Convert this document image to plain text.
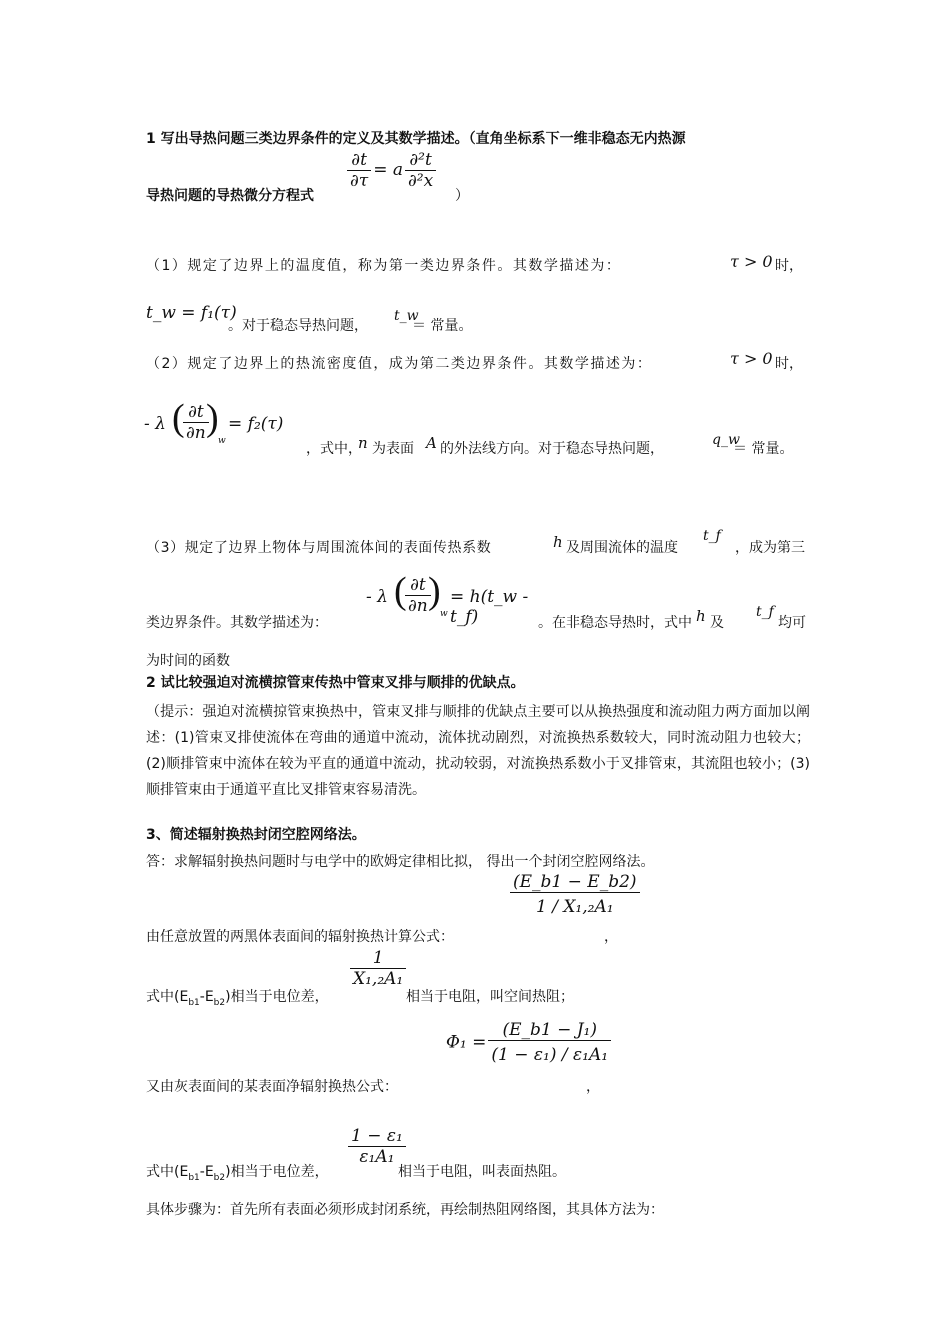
1 写出导热问题三类边界条件的定义及其数学描述。（直角坐标系下一维非稳态无内热源
$\frac{\partial t}{\partial\tau} = a \frac{\text{∂²t}}{\text{∂²x}}$
导热问题的导热微分方程式	）
（1）规定了边界上的温度值，称为第一类边界条件。其数学描述为：	τ > 0 时，
t_w = f₁(τ)
。对于稳态导热问题，
t_w
＝ 常量。
（2）规定了边界上的热流密度值，成为第二类边界条件。其数学描述为：	τ > 0 时，
- λ (
$\frac{\partial t}{\partial n}$
)
w
= f₂(τ)
，式中，
n 为表面 A 的外法线方向。对于稳态导热问题，
q_w
＝ 常量。
（3）规定了边界上物体与周围流体间的表面传热系数	h 及周围流体的温度
t_f
，成为第三
- λ (
$\frac{\partial t}{\partial n}$
)
w
= h(t_w - t_f)
类边界条件。其数学描述为：	。在非稳态导热时，式中 h 及
t_f
均可
为时间的函数
2 试比较强迫对流横掠管束传热中管束叉排与顺排的优缺点。
（提示：强迫对流横掠管束换热中，管束叉排与顺排的优缺点主要可以从换热强度和流动阻力两方面加以阐述：(1)管束叉排使流体在弯曲的通道中流动，流体扰动剧烈，对流换热系数较大，同时流动阻力也较大；(2)顺排管束中流体在较为平直的通道中流动，扰动较弱，对流换热系数小于叉排管束，其流阻也较小；(3)顺排管束由于通道平直比叉排管束容易清洗。
3、简述辐射换热封闭空腔网络法。
答：求解辐射换热问题时与电学中的欧姆定律相比拟， 得出一个封闭空腔网络法。
$\frac{(E\_b1 - E\_b2)}{\text{1 / X₁,₂A₁}}$
由任意放置的两黑体表面间的辐射换热计算公式：	，
$\frac{1}{\text{X₁,₂A₁}}$
式中$(E_{b1}-E_{b2})$相当于电位差，	相当于电阻，叫空间热阻；
$\Phi_1 = \frac{\text{(E\_b1 − J₁)}}{\text{(1 − ε₁) / ε₁A₁}}$
又由灰表面间的某表面净辐射换热公式：	，
$\frac{\text{1 − ε₁}}{\text{ε₁A₁}}$
式中$(E_{b1}-E_{b2})$相当于电位差，	相当于电阻，叫表面热阻。
具体步骤为：首先所有表面必须形成封闭系统，再绘制热阻网络图，其具体方法为：
